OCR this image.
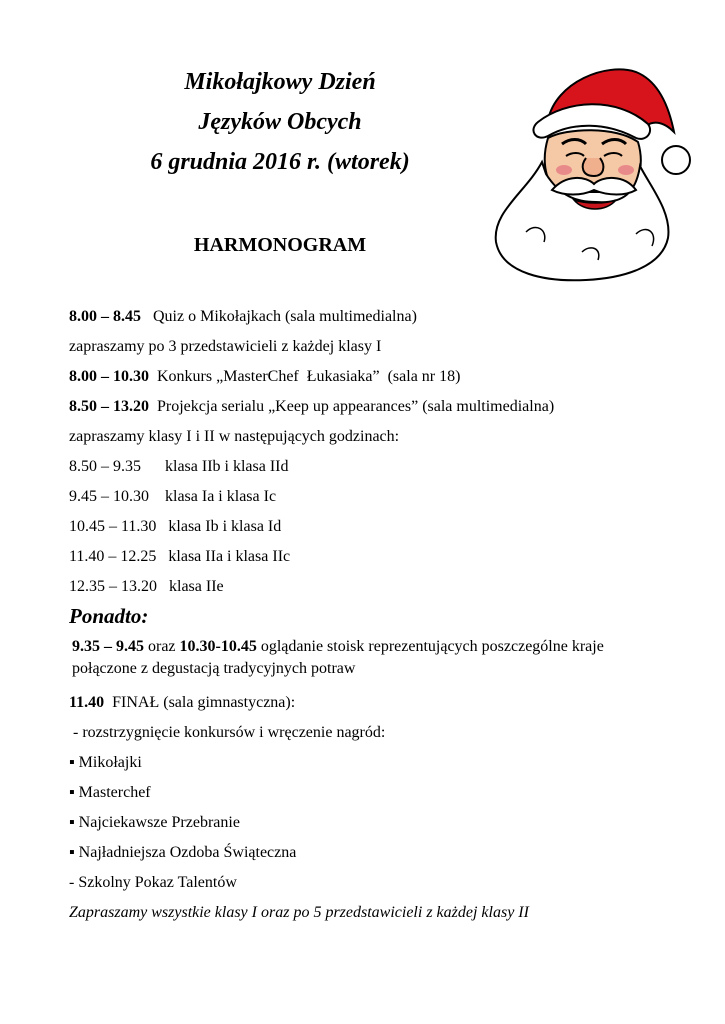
Mikołajkowy Dzień
Języków Obcych
6 grudnia 2016 r. (wtorek)
HARMONOGRAM
8.00 – 8.45 Quiz o Mikołajkach (sala multimedialna)
zapraszamy po 3 przedstawicieli z każdej klasy I
8.00 – 10.30 Konkurs „MasterChef  Łukasiaka”  (sala nr 18)
8.50 – 13.20 Projekcja serialu „Keep up appearances” (sala multimedialna)
zapraszamy klasy I i II w następujących godzinach:
8.50 – 9.35      klasa IIb i klasa IId
9.45 – 10.30    klasa Ia i klasa Ic
10.45 – 11.30   klasa Ib i klasa Id
11.40 – 12.25   klasa IIa i klasa IIc
12.35 – 13.20   klasa IIe
Ponadto:
9.35 – 9.45 oraz 10.30-10.45 oglądanie stoisk reprezentujących poszczególne kraje połączone z degustacją tradycyjnych potraw
11.40  FINAŁ (sala gimnastyczna):
- rozstrzygnięcie konkursów i wręczenie nagród:
▪ Mikołajki
▪ Masterchef
▪ Najciekawsze Przebranie
▪ Najładniejsza Ozdoba Świąteczna
- Szkolny Pokaz Talentów
Zapraszamy wszystkie klasy I oraz po 5 przedstawicieli z każdej klasy II
